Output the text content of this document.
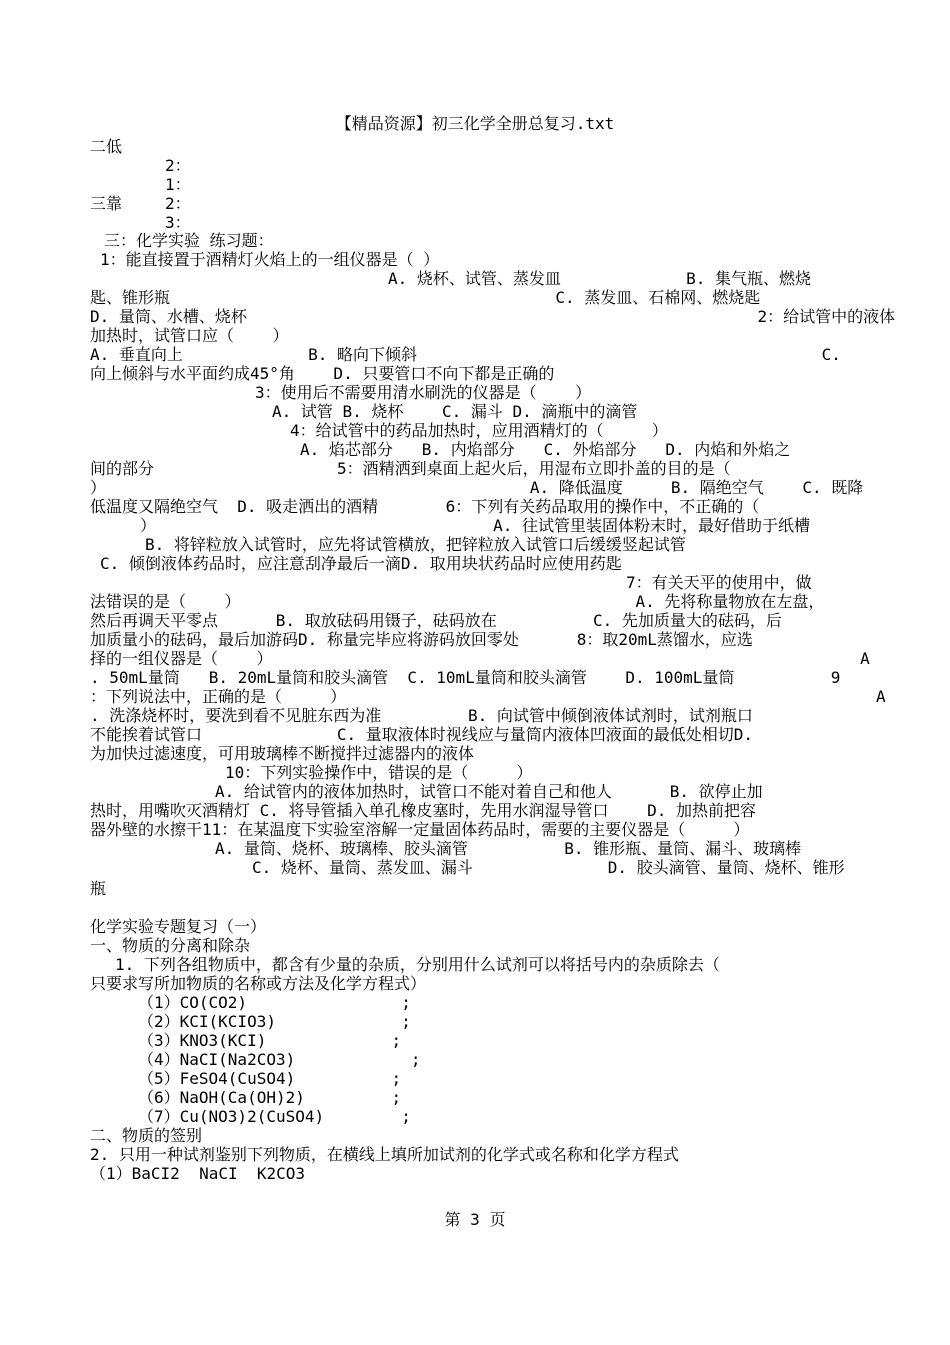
【精品资源】初三化学全册总复习.txt
二低
2：
1：
三靠	2：
3：
三：化学实验 练习题：
1：能直接置于酒精灯火焰上的一组仪器是（ ）
A. 烧杯、试管、蒸发皿             B. 集气瓶、燃烧
匙、锥形瓶                                        C. 蒸发皿、石棉网、燃烧匙
D. 量筒、水槽、烧杯                                                     2：给试管中的液体
加热时，试管口应（    ）
A. 垂直向上             B. 略向下倾斜                                          C.
向上倾斜与水平面约成45°角    D. 只要管口不向下都是正确的
3：使用后不需要用清水刷洗的仪器是（    ）
A. 试管 B. 烧杯    C. 漏斗 D. 滴瓶中的滴管
4：给试管中的药品加热时，应用酒精灯的（     ）
A. 焰芯部分   B. 内焰部分   C. 外焰部分   D. 内焰和外焰之
间的部分                   5：酒精洒到桌面上起火后，用湿布立即扑盖的目的是（
）                                            A. 降低温度     B. 隔绝空气    C. 既降
低温度又隔绝空气  D. 吸走洒出的酒精       6：下列有关药品取用的操作中，不正确的（
）                                   A. 往试管里装固体粉末时，最好借助于纸槽
B. 将锌粒放入试管时，应先将试管横放，把锌粒放入试管口后缓缓竖起试管
C. 倾倒液体药品时，应注意刮净最后一滴D. 取用块状药品时应使用药匙
7：有关天平的使用中，做
法错误的是（    ）                                         A. 先将称量物放在左盘，
然后再调天平零点      B. 取放砝码用镊子，砝码放在          C. 先加质量大的砝码，后
加质量小的砝码，最后加游码D. 称量完毕应将游码放回零处      8：取20mL蒸馏水，应选
择的一组仪器是（    ）                                                             A
. 50mL量筒   B. 20mL量筒和胶头滴管  C. 10mL量筒和胶头滴管    D. 100mL量筒          9
：下列说法中，正确的是（     ）                                                       A
. 洗涤烧杯时，要洗到看不见脏东西为准         B. 向试管中倾倒液体试剂时，试剂瓶口
不能挨着试管口              C. 量取液体时视线应与量筒内液体凹液面的最低处相切D.
为加快过滤速度，可用玻璃棒不断搅拌过滤器内的液体
10：下列实验操作中，错误的是（     ）
A. 给试管内的液体加热时，试管口不能对着自己和他人      B. 欲停止加
热时，用嘴吹灭酒精灯 C. 将导管插入单孔橡皮塞时，先用水润湿导管口    D. 加热前把容
器外壁的水擦干11：在某温度下实验室溶解一定量固体药品时，需要的主要仪器是（     ）
A. 量筒、烧杯、玻璃棒、胶头滴管          B. 锥形瓶、量筒、漏斗、玻璃棒
C. 烧杯、量筒、蒸发皿、漏斗              D. 胶头滴管、量筒、烧杯、锥形
瓶
化学实验专题复习（一）
一、物质的分离和除杂
1. 下列各组物质中，都含有少量的杂质，分别用什么试剂可以将括号内的杂质除去（
只要求写所加物质的名称或方法及化学方程式）
（1）CO(CO2)                ;
（2）KCI(KCIO3)             ;
（3）KNO3(KCI)             ;
（4）NaCI(Na2CO3)            ;
（5）FeSO4(CuSO4)          ;
（6）NaOH(Ca(OH)2)         ;
（7）Cu(NO3)2(CuSO4)        ;
二、物质的签别
2. 只用一种试剂鉴别下列物质，在横线上填所加试剂的化学式或名称和化学方程式
（1）BaCI2  NaCI  K2CO3
第 3 页
